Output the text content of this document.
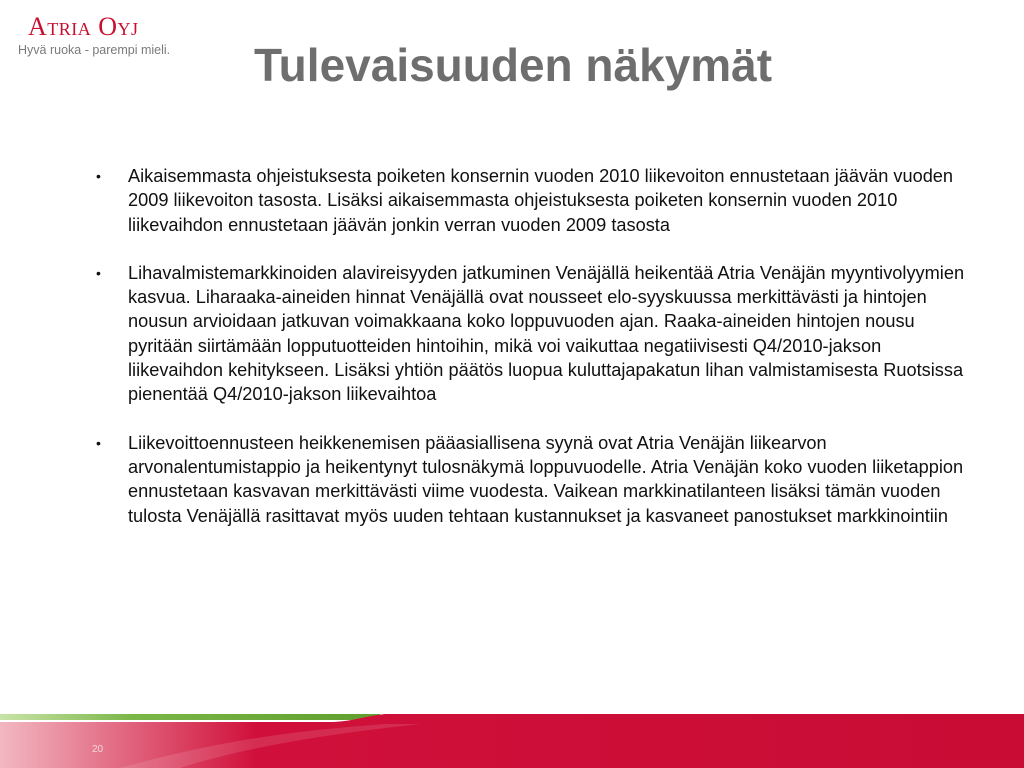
Atria Oyj
Hyvä ruoka - parempi mieli. Tulevaisuuden näkymät
• Aikaisemmasta ohjeistuksesta poiketen konsernin vuoden 2010 liikevoiton ennustetaan jäävän vuoden 2009 liikevoiton tasosta. Lisäksi aikaisemmasta ohjeistuksesta poiketen konsernin vuoden 2010 liikevaihdon ennustetaan jäävän jonkin verran vuoden 2009 tasosta
• Lihavalmistemarkkinoiden alavireisyyden jatkuminen Venäjällä heikentää Atria Venäjän myyntivolyymien kasvua. Liharaaka-aineiden hinnat Venäjällä ovat nousseet elo-syyskuussa merkittävästi ja hintojen nousun arvioidaan jatkuvan voimakkaana koko loppuvuoden ajan. Raaka-aineiden hintojen nousu pyritään siirtämään lopputuotteiden hintoihin, mikä voi vaikuttaa negatiivisesti Q4/2010-jakson liikevaihdon kehitykseen. Lisäksi yhtiön päätös luopua kuluttajapakatun lihan valmistamisesta Ruotsissa pienentää Q4/2010-jakson liikevaihtoa
• Liikevoittoennusteen heikkenemisen pääasiallisena syynä ovat Atria Venäjän liikearvon arvonalentumistappio ja heikentynyt tulosnäkymä loppuvuodelle. Atria Venäjän koko vuoden liiketappion ennustetaan kasvavan merkittävästi viime vuodesta. Vaikean markkinatilanteen lisäksi tämän vuoden tulosta Venäjällä rasittavat myös uuden tehtaan kustannukset ja kasvaneet panostukset markkinointiin
20
